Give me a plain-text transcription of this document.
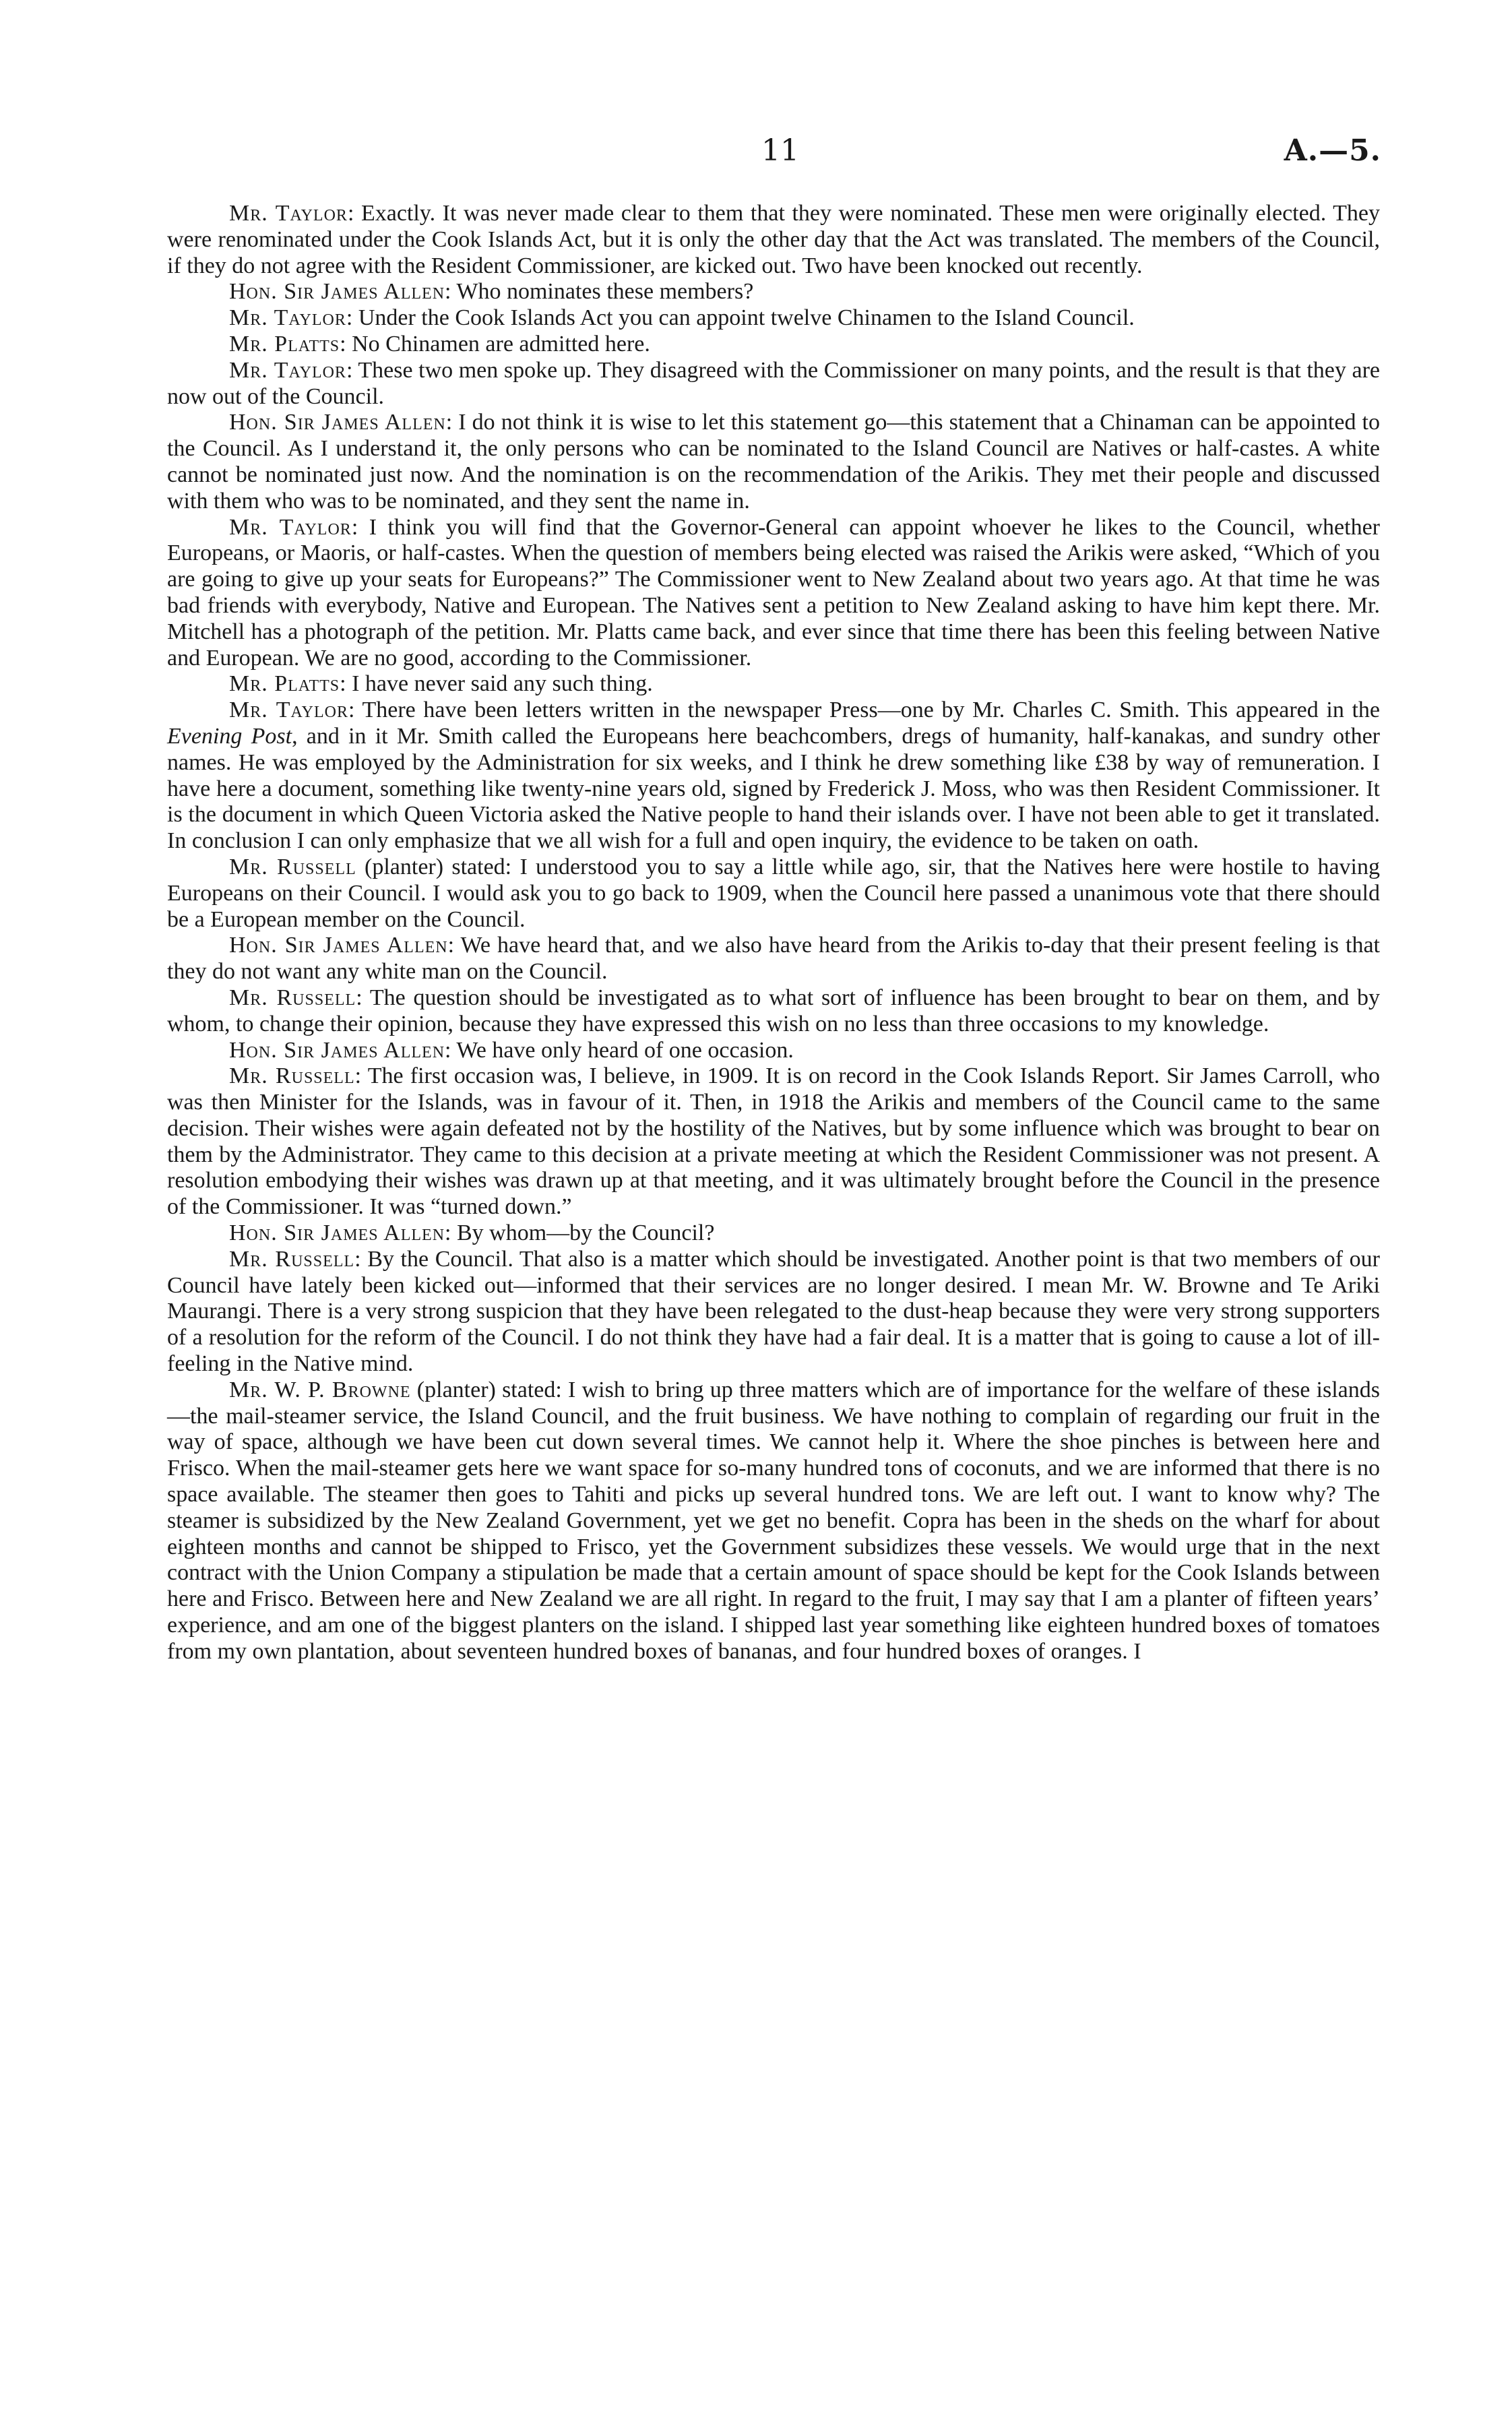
11	A.—5.

Mr. Taylor: Exactly. It was never made clear to them that they were nominated. These men were originally elected. They were renominated under the Cook Islands Act, but it is only the other day that the Act was translated. The members of the Council, if they do not agree with the Resident Commissioner, are kicked out. Two have been knocked out recently.

Hon. Sir James Allen: Who nominates these members?

Mr. Taylor: Under the Cook Islands Act you can appoint twelve Chinamen to the Island Council.

Mr. Platts: No Chinamen are admitted here.

Mr. Taylor: These two men spoke up. They disagreed with the Commissioner on many points, and the result is that they are now out of the Council.

Hon. Sir James Allen: I do not think it is wise to let this statement go—this statement that a Chinaman can be appointed to the Council. As I understand it, the only persons who can be nominated to the Island Council are Natives or half-castes. A white cannot be nominated just now. And the nomination is on the recommendation of the Arikis. They met their people and discussed with them who was to be nominated, and they sent the name in.

Mr. Taylor: I think you will find that the Governor-General can appoint whoever he likes to the Council, whether Europeans, or Maoris, or half-castes. When the question of members being elected was raised the Arikis were asked, “Which of you are going to give up your seats for Europeans?” The Commissioner went to New Zealand about two years ago. At that time he was bad friends with everybody, Native and European. The Natives sent a petition to New Zealand asking to have him kept there. Mr. Mitchell has a photograph of the petition. Mr. Platts came back, and ever since that time there has been this feeling between Native and European. We are no good, according to the Commissioner.

Mr. Platts: I have never said any such thing.

Mr. Taylor: There have been letters written in the newspaper Press—one by Mr. Charles C. Smith. This appeared in the Evening Post, and in it Mr. Smith called the Europeans here beachcombers, dregs of humanity, half-kanakas, and sundry other names. He was employed by the Administration for six weeks, and I think he drew something like £38 by way of remuneration. I have here a document, something like twenty-nine years old, signed by Frederick J. Moss, who was then Resident Commissioner. It is the document in which Queen Victoria asked the Native people to hand their islands over. I have not been able to get it translated. In conclusion I can only emphasize that we all wish for a full and open inquiry, the evidence to be taken on oath.

Mr. Russell (planter) stated: I understood you to say a little while ago, sir, that the Natives here were hostile to having Europeans on their Council. I would ask you to go back to 1909, when the Council here passed a unanimous vote that there should be a European member on the Council.

Hon. Sir James Allen: We have heard that, and we also have heard from the Arikis to-day that their present feeling is that they do not want any white man on the Council.

Mr. Russell: The question should be investigated as to what sort of influence has been brought to bear on them, and by whom, to change their opinion, because they have expressed this wish on no less than three occasions to my knowledge.

Hon. Sir James Allen: We have only heard of one occasion.

Mr. Russell: The first occasion was, I believe, in 1909. It is on record in the Cook Islands Report. Sir James Carroll, who was then Minister for the Islands, was in favour of it. Then, in 1918 the Arikis and members of the Council came to the same decision. Their wishes were again defeated not by the hostility of the Natives, but by some influence which was brought to bear on them by the Administrator. They came to this decision at a private meeting at which the Resident Commissioner was not present. A resolution embodying their wishes was drawn up at that meeting, and it was ultimately brought before the Council in the presence of the Commissioner. It was “turned down.”

Hon. Sir James Allen: By whom—by the Council?

Mr. Russell: By the Council. That also is a matter which should be investigated. Another point is that two members of our Council have lately been kicked out—informed that their services are no longer desired. I mean Mr. W. Browne and Te Ariki Maurangi. There is a very strong suspicion that they have been relegated to the dust-heap because they were very strong supporters of a resolution for the reform of the Council. I do not think they have had a fair deal. It is a matter that is going to cause a lot of ill-feeling in the Native mind.

Mr. W. P. Browne (planter) stated: I wish to bring up three matters which are of importance for the welfare of these islands—the mail-steamer service, the Island Council, and the fruit business. We have nothing to complain of regarding our fruit in the way of space, although we have been cut down several times. We cannot help it. Where the shoe pinches is between here and Frisco. When the mail-steamer gets here we want space for so-many hundred tons of coconuts, and we are informed that there is no space available. The steamer then goes to Tahiti and picks up several hundred tons. We are left out. I want to know why? The steamer is subsidized by the New Zealand Government, yet we get no benefit. Copra has been in the sheds on the wharf for about eighteen months and cannot be shipped to Frisco, yet the Government subsidizes these vessels. We would urge that in the next contract with the Union Company a stipulation be made that a certain amount of space should be kept for the Cook Islands between here and Frisco. Between here and New Zealand we are all right. In regard to the fruit, I may say that I am a planter of fifteen years’ experience, and am one of the biggest planters on the island. I shipped last year something like eighteen hundred boxes of tomatoes from my own plantation, about seventeen hundred boxes of bananas, and four hundred boxes of oranges. I
